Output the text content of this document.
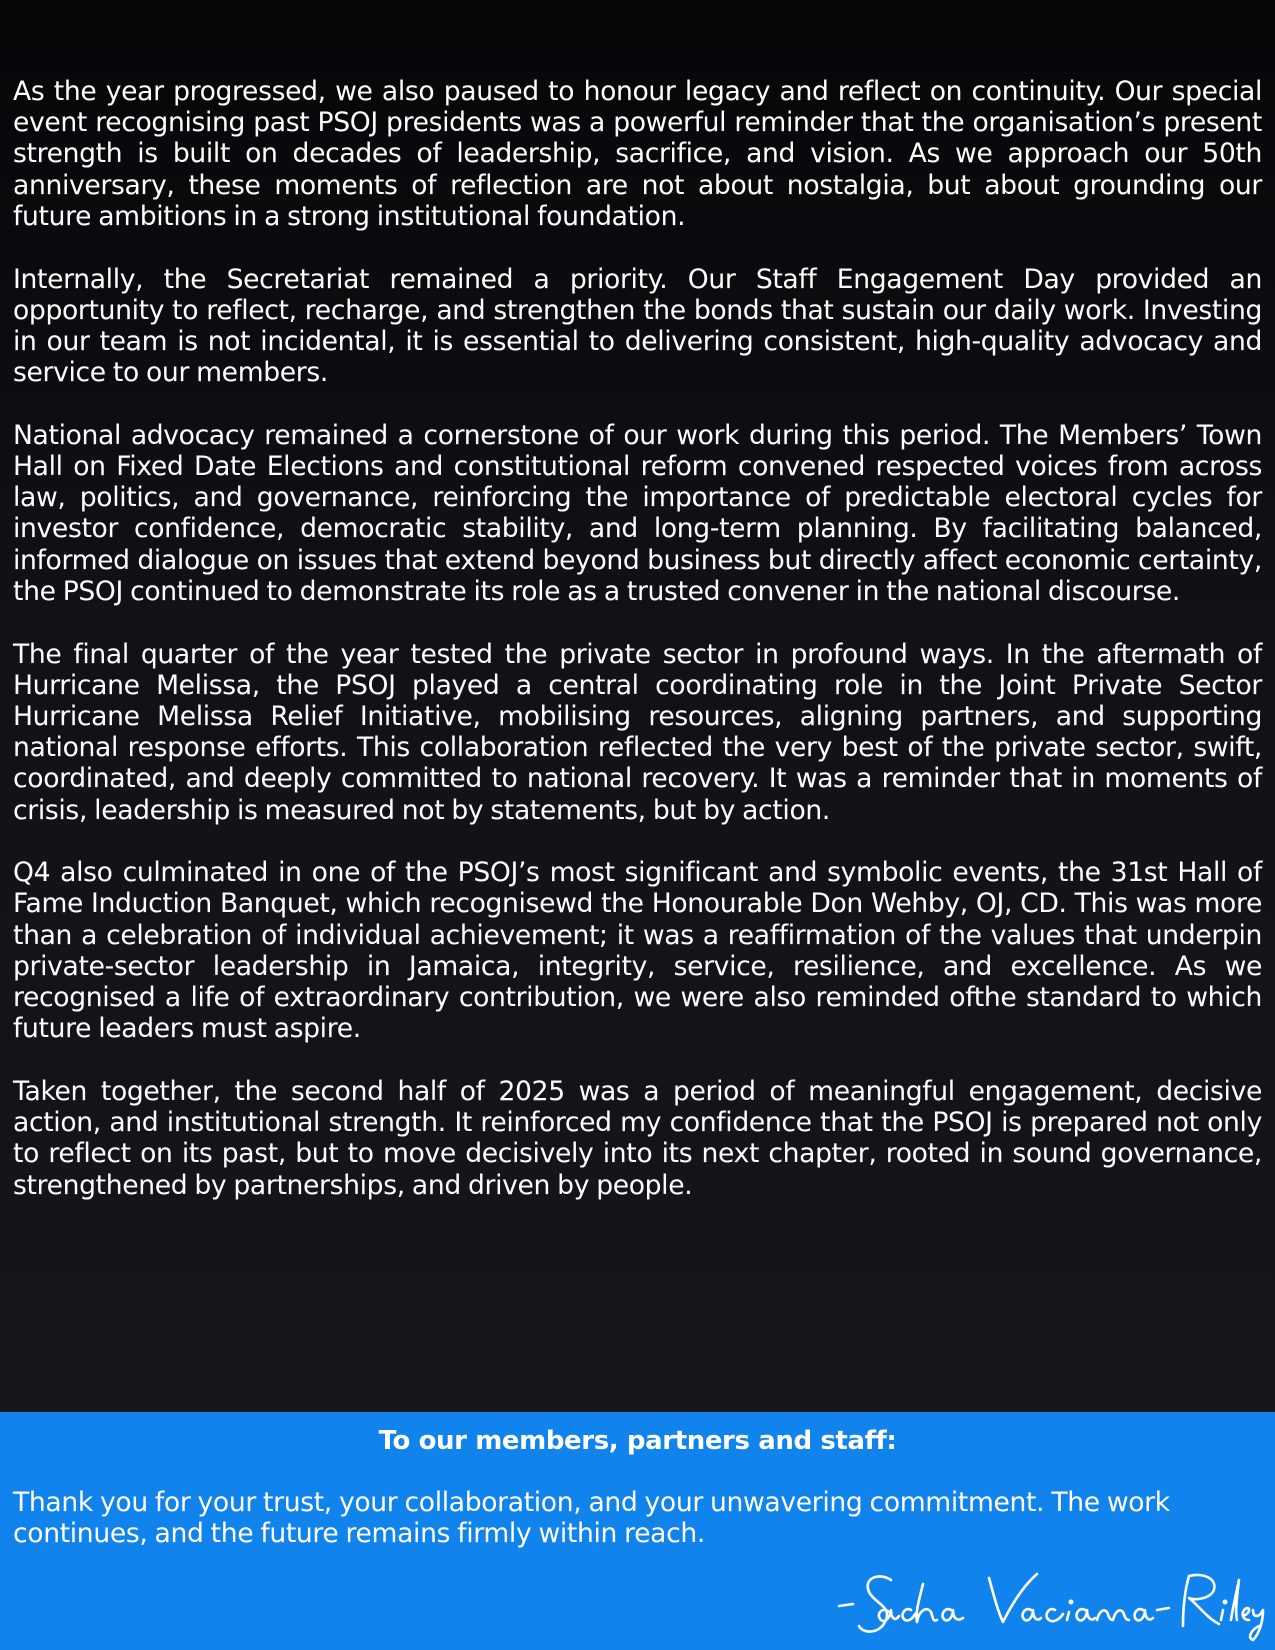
As the year progressed, we also paused to honour legacy and reflect on continuity. Our special event recognising past PSOJ presidents was a powerful reminder that the organisation’s present strength is built on decades of leadership, sacrifice, and vision. As we approach our 50th anniversary, these moments of reflection are not about nostalgia, but about grounding our future ambitions in a strong institutional foundation.

Internally, the Secretariat remained a priority. Our Staff Engagement Day provided an opportunity to reflect, recharge, and strengthen the bonds that sustain our daily work. Investing in our team is not incidental, it is essential to delivering consistent, high-quality advocacy and service to our members.

National advocacy remained a cornerstone of our work during this period. The Members’ Town Hall on Fixed Date Elections and constitutional reform convened respected voices from across law, politics, and governance, reinforcing the importance of predictable electoral cycles for investor confidence, democratic stability, and long-term planning. By facilitating balanced, informed dialogue on issues that extend beyond business but directly affect economic certainty, the PSOJ continued to demonstrate its role as a trusted convener in the national discourse.

The final quarter of the year tested the private sector in profound ways. In the aftermath of Hurricane Melissa, the PSOJ played a central coordinating role in the Joint Private Sector Hurricane Melissa Relief Initiative, mobilising resources, aligning partners, and supporting national response efforts. This collaboration reflected the very best of the private sector, swift, coordinated, and deeply committed to national recovery. It was a reminder that in moments of crisis, leadership is measured not by statements, but by action.

Q4 also culminated in one of the PSOJ’s most significant and symbolic events, the 31st Hall of Fame Induction Banquet, which recognisewd the Honourable Don Wehby, OJ, CD. This was more than a celebration of individual achievement; it was a reaffirmation of the values that underpin private-sector leadership in Jamaica, integrity, service, resilience, and excellence. As we recognised a life of extraordinary contribution, we were also reminded ofthe standard to which future leaders must aspire.

Taken together, the second half of 2025 was a period of meaningful engagement, decisive action, and institutional strength. It reinforced my confidence that the PSOJ is prepared not only to reflect on its past, but to move decisively into its next chapter, rooted in sound governance, strengthened by partnerships, and driven by people.

To our members, partners and staff:

Thank you for your trust, your collaboration, and your unwavering commitment. The work continues, and the future remains firmly within reach.
